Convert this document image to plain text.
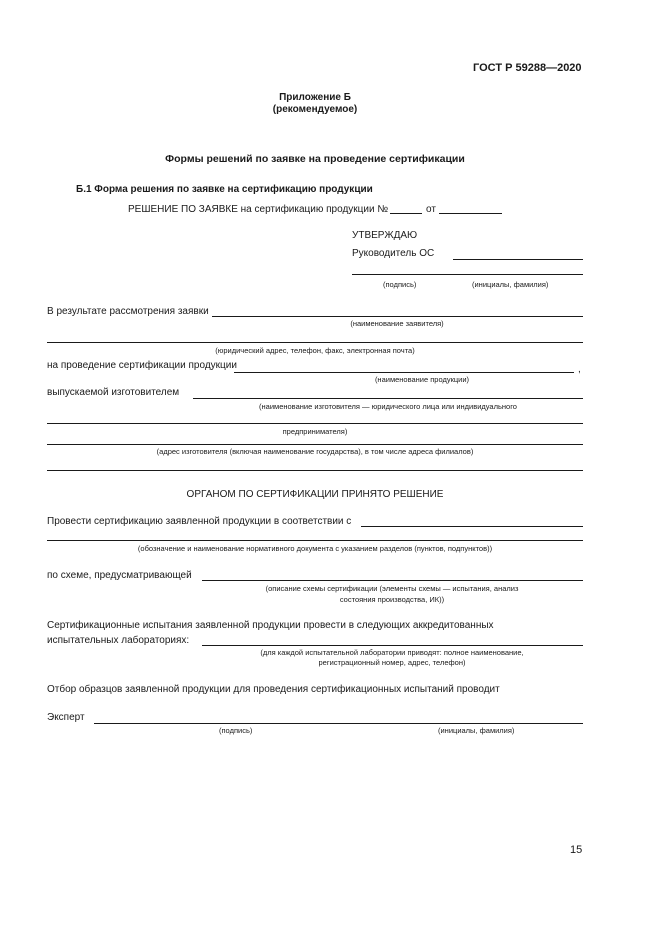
ГОСТ Р 59288—2020
Приложение Б
(рекомендуемое)
Формы решений по заявке на проведение сертификации
Б.1 Форма решения по заявке на сертификацию продукции
РЕШЕНИЕ ПО ЗАЯВКЕ на сертификацию продукции №	от
УТВЕРЖДАЮ
Руководитель ОС
(подпись)	(инициалы, фамилия)
В результате рассмотрения заявки
(наименование заявителя)
(юридический адрес, телефон, факс, электронная почта)
на проведение сертификации продукции	,
(наименование продукции)
выпускаемой изготовителем
(наименование изготовителя — юридического лица или индивидуального
предпринимателя)
(адрес изготовителя (включая наименование государства), в том числе адреса филиалов)
ОРГАНОМ ПО СЕРТИФИКАЦИИ ПРИНЯТО РЕШЕНИЕ
Провести сертификацию заявленной продукции в соответствии с
(обозначение и наименование нормативного документа с указанием разделов (пунктов, подпунктов))
по схеме, предусматривающей
(описание схемы сертификации (элементы схемы — испытания, анализ
состояния производства, ИК))
Сертификационные испытания заявленной продукции провести в следующих аккредитованных
испытательных лабораториях:
(для каждой испытательной лаборатории приводят: полное наименование,
регистрационный номер, адрес, телефон)
Отбор образцов заявленной продукции для проведения сертификационных испытаний проводит
Эксперт
(подпись)	(инициалы, фамилия)
15
